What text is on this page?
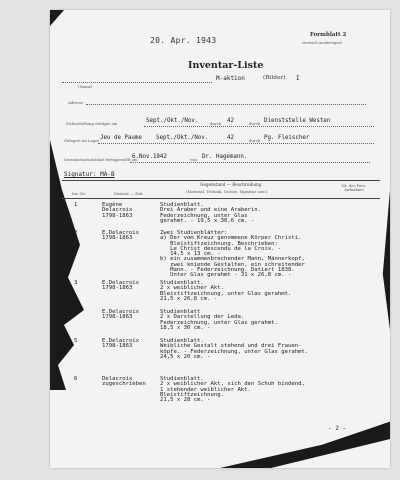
20. Apr. 1943
Formblatt 2
viertach ausfertigen!
Inventar-Liste
(Name)
M-aktion	(Bilder) I
Adresse
Sicherstellung erfolgte am	Sept./Okt./Nov.	durch 42	durch Dienststelle Westen
Gelagert im Lager Jeu de Paume Sept./Okt./Nov.	42	durch Pg. Fleischer
Inventarisationsblatt fertiggestellt am
6.Nov.1942	von Dr. Hagemann.
Signatur: MA-B
Inv.-Nr.	Meister — Zeit
Gegenstand — Beschreibung
(Material, Technik, Grösse, Signatur usw.)
Nr. der Foto-Aufnahme
1	Eugène
Delacroix
1798-1863
Studienblatt.
Drei Araber und eine Araberin.
Federzeichnung, unter Glas
gerahmt. - 19,5 x 30,6 cm. -
2	E.Delacroix
1798-1863
Zwei Studienblätter:
a) Der vom Kreuz genommene Körper Christi.
Bleistiftzeichnung. Beschrieben:
Le Christ descendu de la Croix. -
14,5 x 13 cm. -
b) ein zusammenbrechender Mann, Männerkopf,
zwei kniende Gestalten, ein schreitender
Mann. - Federzeichnung. Datiert 1838.
Unter Glas gerahmt - 31 x 26,8 cm. -
3	E.Delacroix
1798-1863
Studienblatt.
2 x weiblicher Akt.
Bleistiftzeichnung, unter Glas gerahmt.
21,5 x 26,8 cm. -
4	E.Delacroix
1798-1863
Studienblatt
2 x Darstellung der Leda.
Federzeichnung, unter Glas gerahmt.
18,5 x 30 cm. -
5	E.Delacroix
1798-1863
Studienblatt.
Weibliche Gestalt stehend und drei Frauen-
köpfe. - Federzeichnung, unter Glas gerahmt.
24,5 x 20 cm. -
6	Delacroix
zugeschrieben
Studienblatt.
2 x weiblicher Akt, sich den Schuh bindend,
1 stehender weiblicher Akt.
Bleistiftzeichnung.
21,5 x 28 cm. -
- 2 -
